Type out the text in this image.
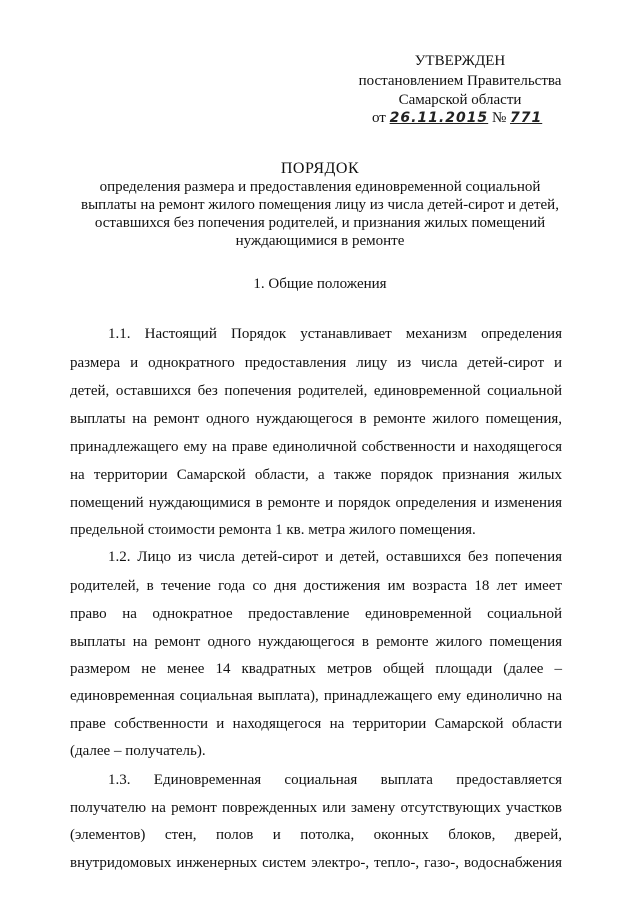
УТВЕРЖДЕН
постановлением Правительства
Самарской области
от 26.11.2015 № 771
ПОРЯДОК
определения размера и предоставления единовременной социальной
выплаты на ремонт жилого помещения лицу из числа детей-сирот и детей,
оставшихся без попечения родителей, и признания жилых помещений
нуждающимися в ремонте
1. Общие положения
1.1. Настоящий Порядок устанавливает механизм определения
размера и однократного предоставления лицу из числа детей-сирот и
детей, оставшихся без попечения родителей, единовременной социальной
выплаты на ремонт одного нуждающегося в ремонте жилого помещения,
принадлежащего ему на праве единоличной собственности и находящегося
на территории Самарской области, а также порядок признания жилых
помещений нуждающимися в ремонте и порядок определения и изменения
предельной стоимости ремонта 1 кв. метра жилого помещения.
1.2. Лицо из числа детей-сирот и детей, оставшихся без попечения
родителей, в течение года со дня достижения им возраста 18 лет имеет
право на однократное предоставление единовременной социальной
выплаты на ремонт одного нуждающегося в ремонте жилого помещения
размером не менее 14 квадратных метров общей площади (далее –
единовременная социальная выплата), принадлежащего ему единолично на
праве собственности и находящегося на территории Самарской области
(далее – получатель).
1.3. Единовременная социальная выплата предоставляется
получателю на ремонт поврежденных или замену отсутствующих участков
(элементов) стен, полов и потолка, оконных блоков, дверей,
внутридомовых инженерных систем электро-, тепло-, газо-, водоснабжения
